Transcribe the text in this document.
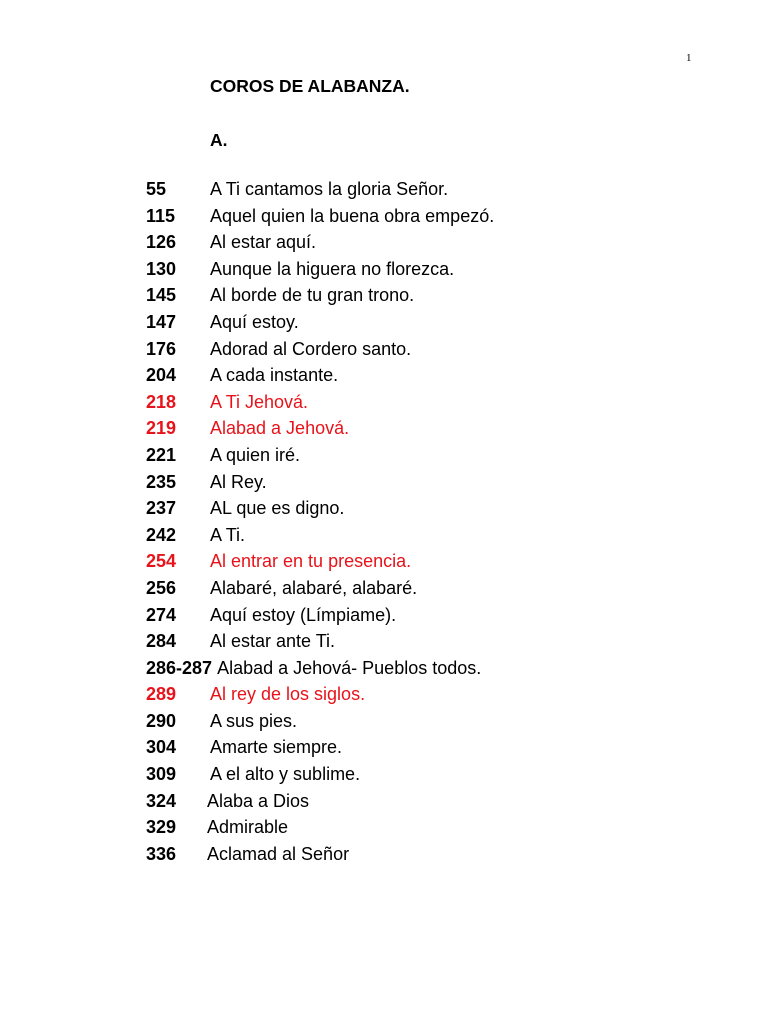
1
COROS DE ALABANZA.
A.
55 A Ti cantamos la gloria Señor.
115 Aquel quien la buena obra empezó.
126 Al estar aquí.
130 Aunque la higuera no florezca.
145 Al borde de tu gran trono.
147 Aquí estoy.
176 Adorad al Cordero santo.
204 A cada instante.
218 A Ti Jehová.
219 Alabad a Jehová.
221 A quien iré.
235 Al Rey.
237 AL que es digno.
242 A Ti.
254 Al entrar en tu presencia.
256 Alabaré, alabaré, alabaré.
274 Aquí estoy (Límpiame).
284 Al estar ante Ti.
286-287 Alabad a Jehová- Pueblos todos.
289 Al rey de los siglos.
290 A sus pies.
304 Amarte siempre.
309 A el alto y sublime.
324 Alaba a Dios
329 Admirable
336 Aclamad al Señor
